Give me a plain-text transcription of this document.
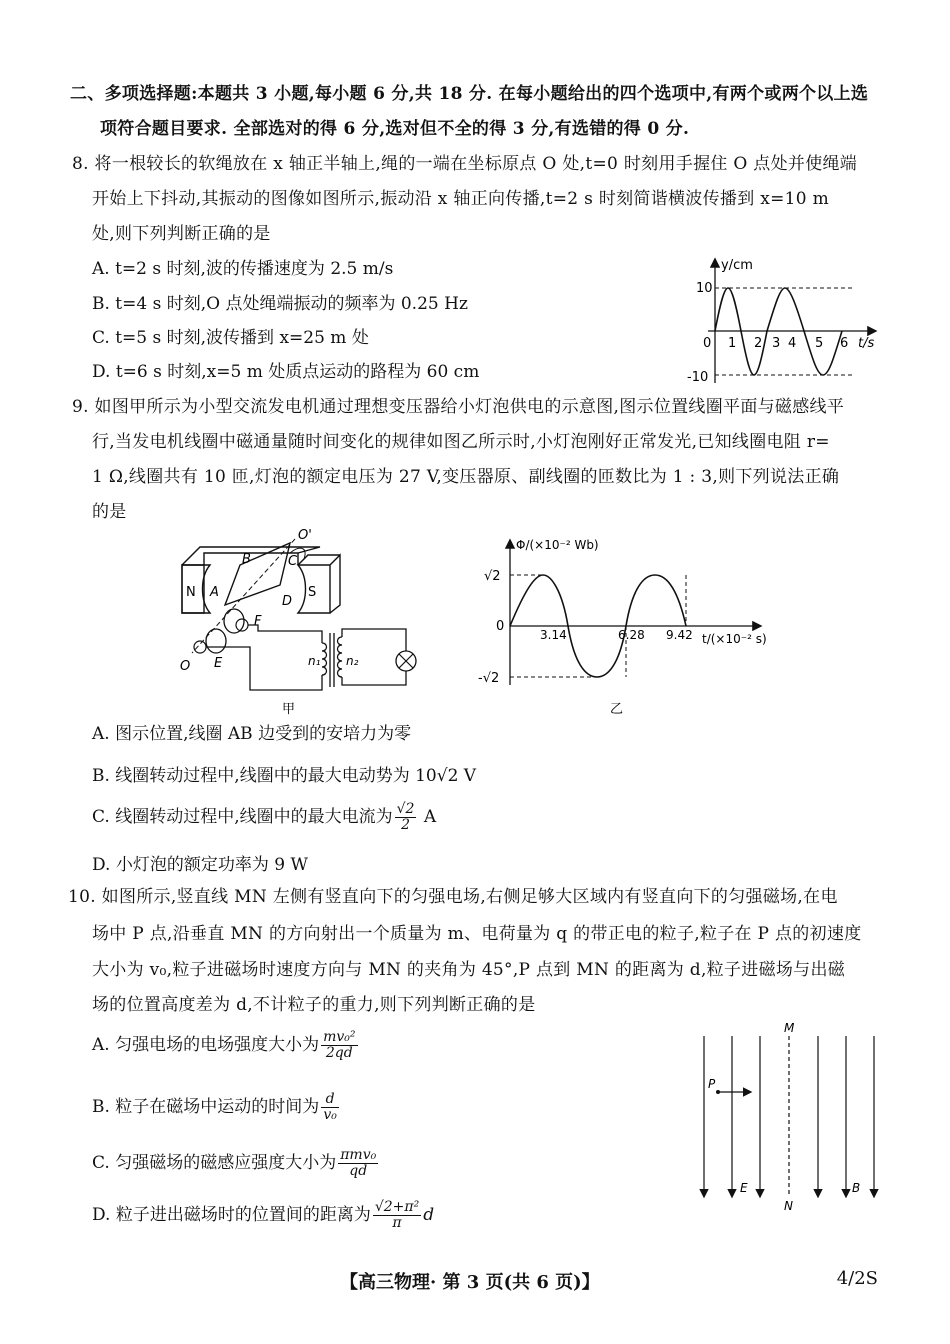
二、多项选择题:本题共 3 小题,每小题 6 分,共 18 分. 在每小题给出的四个选项中,有两个或两个以上选
项符合题目要求. 全部选对的得 6 分,选对但不全的得 3 分,有选错的得 0 分.
8. 将一根较长的软绳放在 x 轴正半轴上,绳的一端在坐标原点 O 处,t=0 时刻用手握住 O 点处并使绳端
开始上下抖动,其振动的图像如图所示,振动沿 x 轴正向传播,t=2 s 时刻简谐横波传播到 x=10 m
处,则下列判断正确的是
A. t=2 s 时刻,波的传播速度为 2.5 m/s
B. t=4 s 时刻,O 点处绳端振动的频率为 0.25 Hz
C. t=5 s 时刻,波传播到 x=25 m 处
D. t=6 s 时刻,x=5 m 处质点运动的路程为 60 cm
y/cm
t/s
10
-10
0 1 2 3 4 5 6
9. 如图甲所示为小型交流发电机通过理想变压器给小灯泡供电的示意图,图示位置线圈平面与磁感线平
行,当发电机线圈中磁通量随时间变化的规律如图乙所示时,小灯泡刚好正常发光,已知线圈电阻 r=
1 Ω,线圈共有 10 匝,灯泡的额定电压为 27 V,变压器原、副线圈的匝数比为 1 : 3,则下列说法正确
的是
N	S
O'
B	C
A
D
F
O E	n₁ n₂
甲
Φ/(×10⁻² Wb)
t/(×10⁻² s)
√2
0
-√2
3.14	6.28 9.42
乙
A. 图示位置,线圈 AB 边受到的安培力为零
B. 线圈转动过程中,线圈中的最大电动势为 10√2 V
C. 线圈转动过程中,线圈中的最大电流为 $\frac{√2}{2}$ A
D. 小灯泡的额定功率为 9 W
10. 如图所示,竖直线 MN 左侧有竖直向下的匀强电场,右侧足够大区域内有竖直向下的匀强磁场,在电
场中 P 点,沿垂直 MN 的方向射出一个质量为 m、电荷量为 q 的带正电的粒子,粒子在 P 点的初速度
大小为 v₀,粒子进磁场时速度方向与 MN 的夹角为 45°,P 点到 MN 的距离为 d,粒子进磁场与出磁
场的位置高度差为 d,不计粒子的重力,则下列判断正确的是
A. 匀强电场的电场强度大小为 $\frac{\text{mv₀²}}{2qd}$
B. 粒子在磁场中运动的时间为 $\frac{d}{\text{v₀}}$
C. 匀强磁场的磁感应强度大小为 $\frac{\text{πmv₀}}{qd}$
D. 粒子进出磁场时的位置间的距离为 $\frac{\text{√2+π²}}{\pi}$ d
M
N
P
E	B
【高三物理· 第 3 页(共 6 页)】	4/2S
